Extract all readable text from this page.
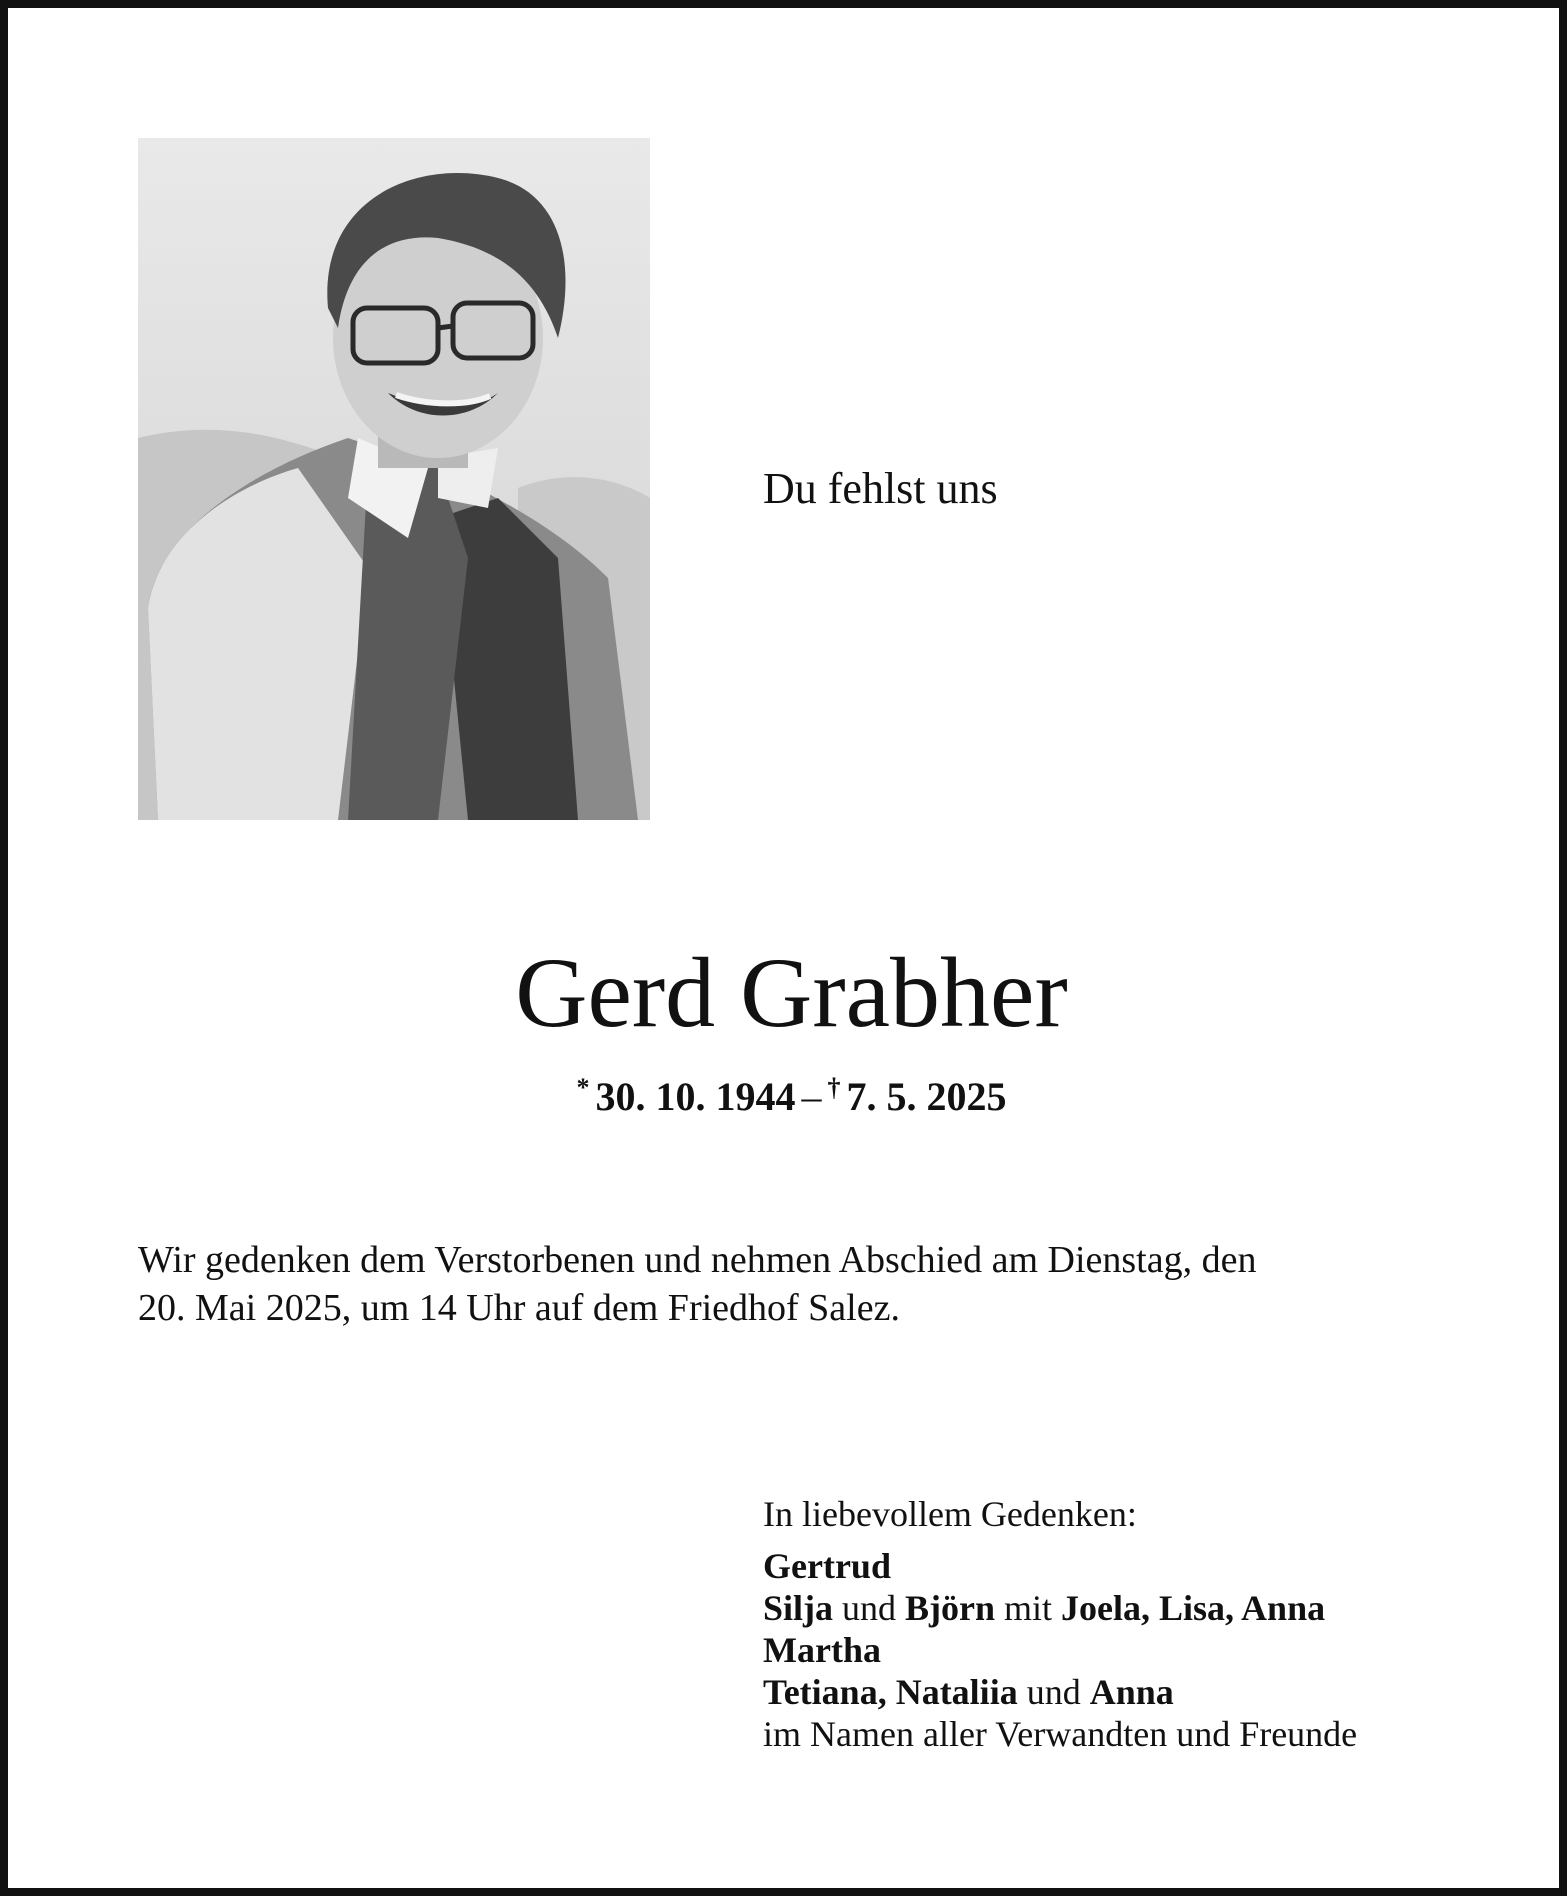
Du fehlst uns
Gerd Grabher
* 30. 10. 1944 – † 7. 5. 2025
Wir gedenken dem Verstorbenen und nehmen Abschied am Dienstag, den
20. Mai 2025, um 14 Uhr auf dem Friedhof Salez.
In liebevollem Gedenken:
Gertrud
Silja und Björn mit Joela, Lisa, Anna
Martha
Tetiana, Nataliia und Anna
im Namen aller Verwandten und Freunde
